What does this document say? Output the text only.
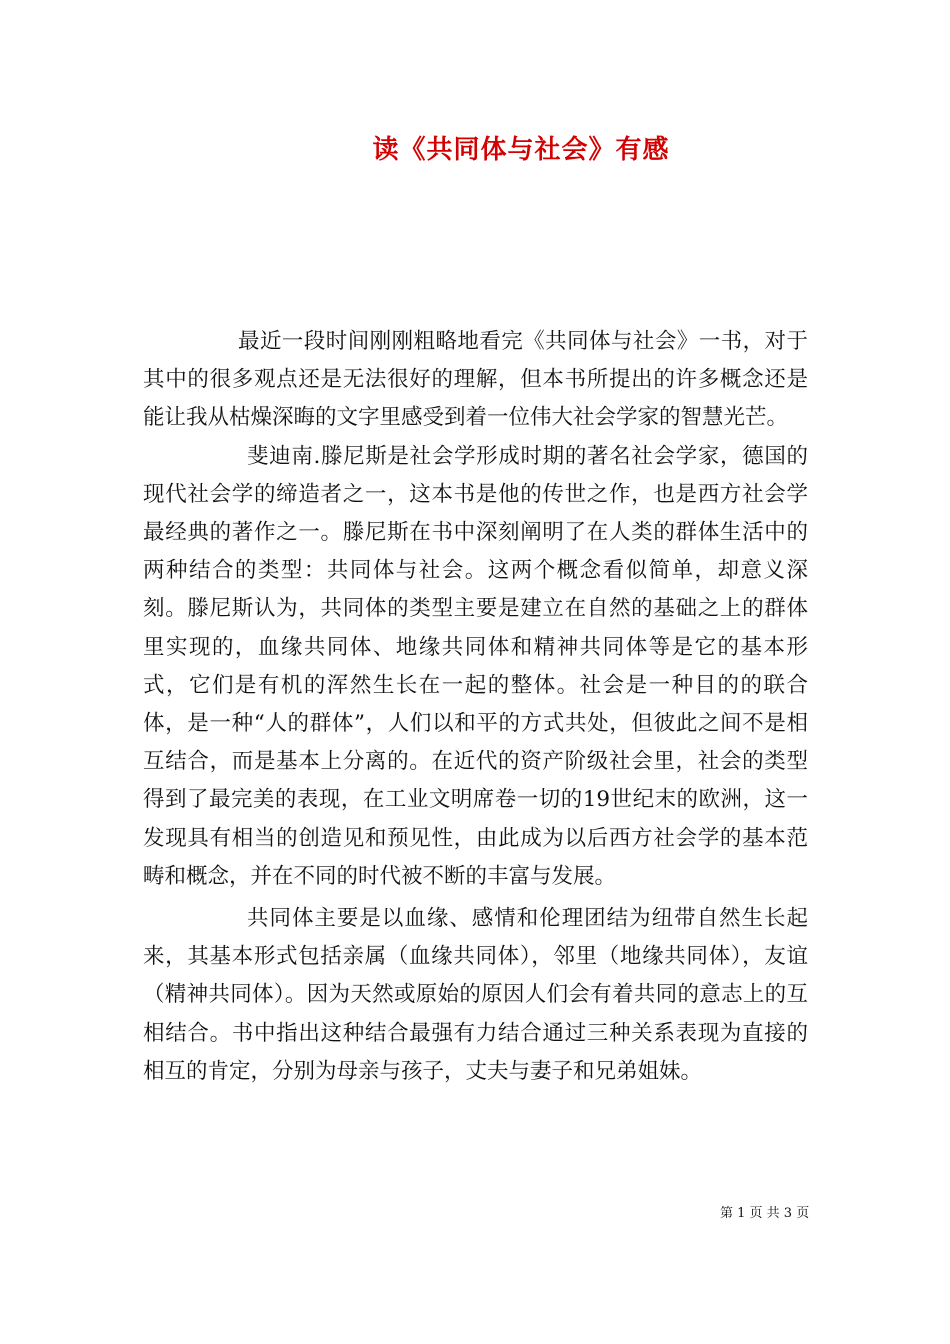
读《共同体与社会》有感

最近一段时间刚刚粗略地看完《共同体与社会》一书，对于其中的很多观点还是无法很好的理解，但本书所提出的许多概念还是能让我从枯燥深晦的文字里感受到着一位伟大社会学家的智慧光芒。

斐迪南.滕尼斯是社会学形成时期的著名社会学家，德国的现代社会学的缔造者之一，这本书是他的传世之作，也是西方社会学最经典的著作之一。滕尼斯在书中深刻阐明了在人类的群体生活中的两种结合的类型：共同体与社会。这两个概念看似简单，却意义深刻。滕尼斯认为，共同体的类型主要是建立在自然的基础之上的群体里实现的，血缘共同体、地缘共同体和精神共同体等是它的基本形式，它们是有机的浑然生长在一起的整体。社会是一种目的的联合体，是一种“人的群体”，人们以和平的方式共处，但彼此之间不是相互结合，而是基本上分离的。在近代的资产阶级社会里，社会的类型得到了最完美的表现，在工业文明席卷一切的19世纪末的欧洲，这一发现具有相当的创造见和预见性，由此成为以后西方社会学的基本范畴和概念，并在不同的时代被不断的丰富与发展。

共同体主要是以血缘、感情和伦理团结为纽带自然生长起来，其基本形式包括亲属（血缘共同体），邻里（地缘共同体），友谊（精神共同体）。因为天然或原始的原因人们会有着共同的意志上的互相结合。书中指出这种结合最强有力结合通过三种关系表现为直接的相互的肯定，分别为母亲与孩子，丈夫与妻子和兄弟姐妹。

第 1 页 共 3 页
